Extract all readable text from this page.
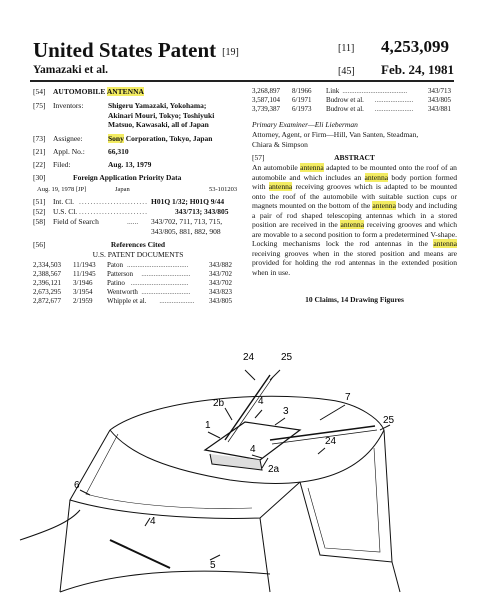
United States Patent [19]
Yamazaki et al.
[11] 4,253,099
[45] Feb. 24, 1981
[54]	AUTOMOBILE ANTENNA
[75] Inventors:	Shigeru Yamazaki, Yokohama;
Akinari Mouri, Tokyo; Toshiyuki
Matsuo, Kawasaki, all of Japan
[73] Assignee:	Sony Corporation, Tokyo, Japan
[21] Appl. No.:	66,310
[22] Filed:	Aug. 13, 1979
[30]	Foreign Application Priority Data
Aug. 19, 1978 [JP]	Japan	53-101203
[51] Int. Cl. ........................ H01Q 1/32; H01Q 9/44
[52] U.S. Cl. ........................	343/713; 343/805
[58] Field of Search	...... 343/702, 711, 713, 715,
343/805, 881, 882, 908
[56]	References Cited
U.S. PATENT DOCUMENTS
2,334,503 11/1943 Paton	343/882
...................................
2,388,567 11/1945 Patterson	343/702
............................
2,396,121 3/1946 Patino	343/702
.................................
2,673,295 3/1954 Wentworth	343/823
............................
2,872,677 2/1959 Whipple et al.	343/805
....................
3,268,897 8/1966 Link	343/713
.....................................
3,587,104 6/1971 Budrow et al.	343/805
......................
3,739,387 6/1973 Budrow et al.	343/881
......................
Primary Examiner—Eli Lieberman
Attorney, Agent, or Firm—Hill, Van Santen, Steadman,
Chiara & Simpson
[57]	ABSTRACT
An automobile antenna adapted to be mounted onto the roof of an automobile and which includes an antenna body portion formed with antenna receiving grooves which is adapted to be mounted onto the roof of the automobile with suitable suction cups or magnets mounted on the bottom of the antenna body and including a pair of rod shaped telescoping antennas which in a stored position are received in the antenna receiving grooves and which are movable to a second position to form a predetermined V-shape. Locking mechanisms lock the rod antennas in the antenna receiving grooves when in the stored position and means are provided for holding the rod antennas in the extended position when in use.
10 Claims, 14 Drawing Figures
24	25
2b	4
3
7
25
1
24
4
2a
6
5
4
